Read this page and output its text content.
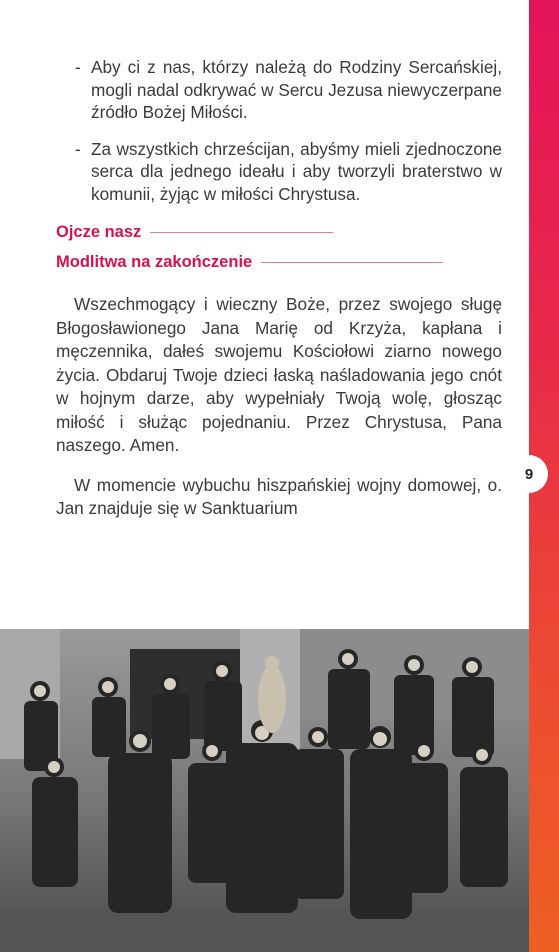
9
- Aby ci z nas, którzy należą do Rodziny Sercańskiej, mogli nadal odkrywać w Sercu Jezusa niewyczerpane źródło Bożej Miłości.
- Za wszystkich chrześcijan, abyśmy mieli zjednoczone serca dla jednego ideału i aby tworzyli braterstwo w komunii, żyjąc w miłości Chrystusa.
Ojcze nasz
Modlitwa na zakończenie
Wszechmogący i wieczny Boże, przez swojego sługę Błogosławionego Jana Marię od Krzyża, kapłana i męczennika, dałeś swojemu Kościołowi ziarno nowego życia. Obdaruj Twoje dzieci łaską naśladowania jego cnót w hojnym darze, aby wypełniały Twoją wolę, głosząc miłość i służąc pojednaniu. Przez Chrystusa, Pana naszego. Amen.
W momencie wybuchu hiszpańskiej wojny domowej, o. Jan znajduje się w Sanktuarium
